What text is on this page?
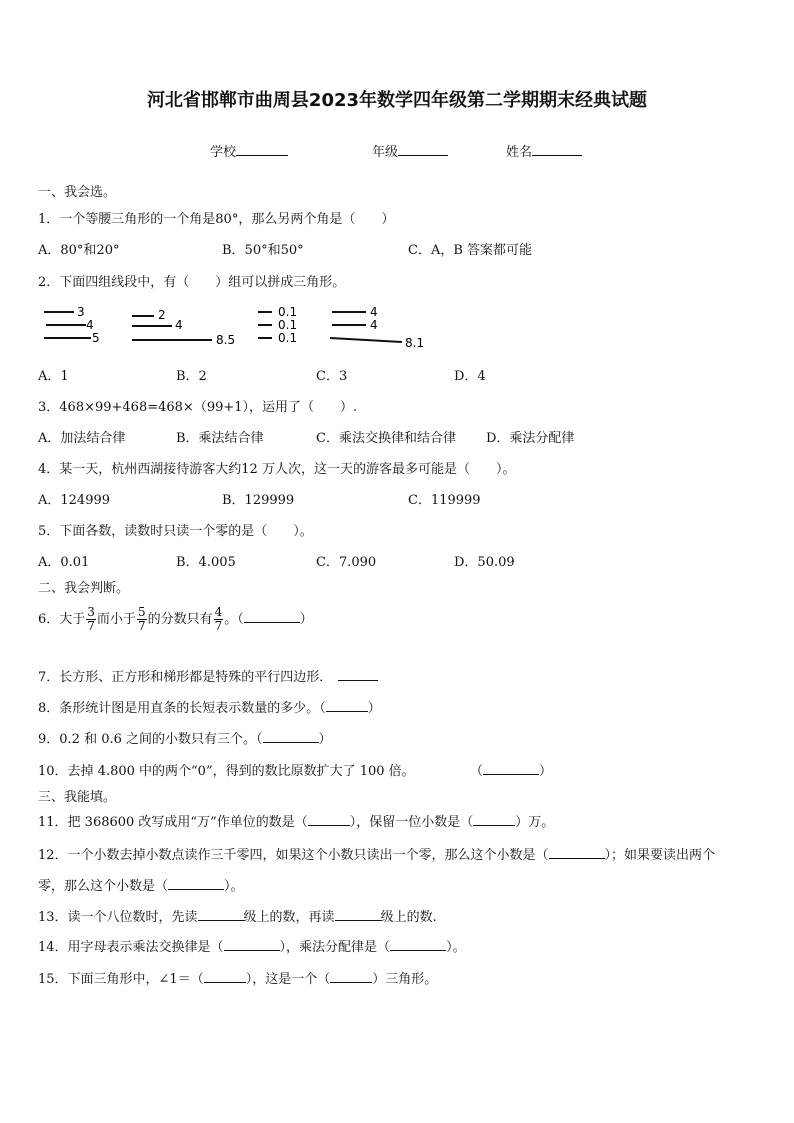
河北省邯郸市曲周县2023年数学四年级第二学期期末经典试题
学校	年级	姓名
一、我会选。
1．一个等腰三角形的一个角是80°，那么另两个角是（　　）
A．80°和20°	B．50°和50°	C．A，B 答案都可能
2．下面四组线段中，有（　　）组可以拼成三角形。
3
4
5
2
4
8.5
0.1
0.1
0.1
4
4
8.1
A．1	B．2	C．3	D．4
3．468×99+468=468×（99+1），运用了（　　）.
A．加法结合律	B．乘法结合律	C．乘法交换律和结合律 D．乘法分配律
4．某一天，杭州西湖接待游客大约12 万人次，这一天的游客最多可能是（　　）。
A．124999	B．129999	C．119999
5．下面各数，读数时只读一个零的是（　　）。
A．0.01	B．4.005	C．7.090	D．50.09
二、我会判断。
6．大于 $\frac{3}{7}$ 而小于 $\frac{5}{7}$ 的分数只有 $\frac{4}{7}$ 。（	）
7．长方形、正方形和梯形都是特殊的平行四边形．
8．条形统计图是用直条的长短表示数量的多少。（	）
9．0.2 和 0.6 之间的小数只有三个。（	）
10．去掉 4.800 中的两个“0”，得到的数比原数扩大了 100 倍。	（	）
三、我能填。
11．把 368600 改写成用“万”作单位的数是（	），保留一位小数是（	）万。
12．一个小数去掉小数点读作三千零四，如果这个小数只读出一个零，那么这个小数是（	）；如果要读出两个
零，那么这个小数是（	）。
13．读一个八位数时，先读	级上的数，再读	级上的数.
14．用字母表示乘法交换律是（	），乘法分配律是（	）。
15．下面三角形中，∠1＝（	），这是一个（	）三角形。
